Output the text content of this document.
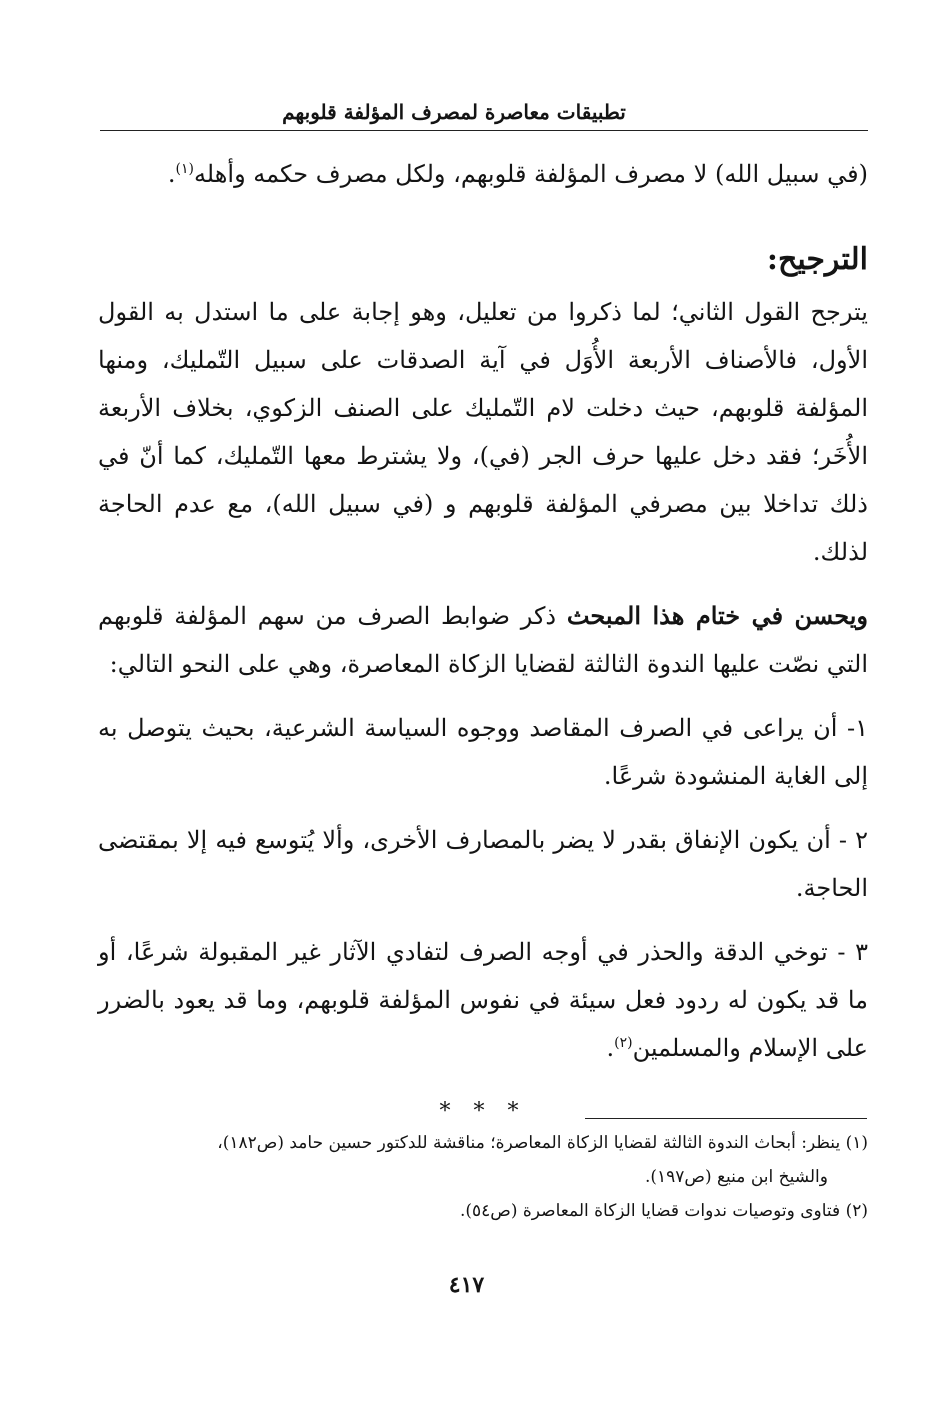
تطبيقات معاصرة لمصرف المؤلفة قلوبهم

(في سبيل الله) لا مصرف المؤلفة قلوبهم، ولكل مصرف حكمه وأهله$^{(١)}$.

الترجيح:

يترجح القول الثاني؛ لما ذكروا من تعليل، وهو إجابة على ما استدل به القول الأول، فالأصناف الأربعة الأُوَل في آية الصدقات على سبيل التّمليك، ومنها المؤلفة قلوبهم، حيث دخلت لام التّمليك على الصنف الزكوي، بخلاف الأربعة الأُخَر؛ فقد دخل عليها حرف الجر (في)، ولا يشترط معها التّمليك، كما أنّ في ذلك تداخلا بين مصرفي المؤلفة قلوبهم و (في سبيل الله)، مع عدم الحاجة لذلك.

ويحسن في ختام هذا المبحث ذكر ضوابط الصرف من سهم المؤلفة قلوبهم التي نصّت عليها الندوة الثالثة لقضايا الزكاة المعاصرة، وهي على النحو التالي:

١- أن يراعى في الصرف المقاصد ووجوه السياسة الشرعية، بحيث يتوصل به إلى الغاية المنشودة شرعًا.

٢ - أن يكون الإنفاق بقدر لا يضر بالمصارف الأخرى، وألا يُتوسع فيه إلا بمقتضى الحاجة.

٣ - توخي الدقة والحذر في أوجه الصرف لتفادي الآثار غير المقبولة شرعًا، أو ما قد يكون له ردود فعل سيئة في نفوس المؤلفة قلوبهم، وما قد يعود بالضرر على الإسلام والمسلمين$^{(٢)}$.

* * *

(١) ينظر: أبحاث الندوة الثالثة لقضايا الزكاة المعاصرة؛ مناقشة للدكتور حسين حامد (ص١٨٢)،

والشيخ ابن منيع (ص١٩٧).

(٢) فتاوى وتوصيات ندوات قضايا الزكاة المعاصرة (ص٥٤).

٤١٧
